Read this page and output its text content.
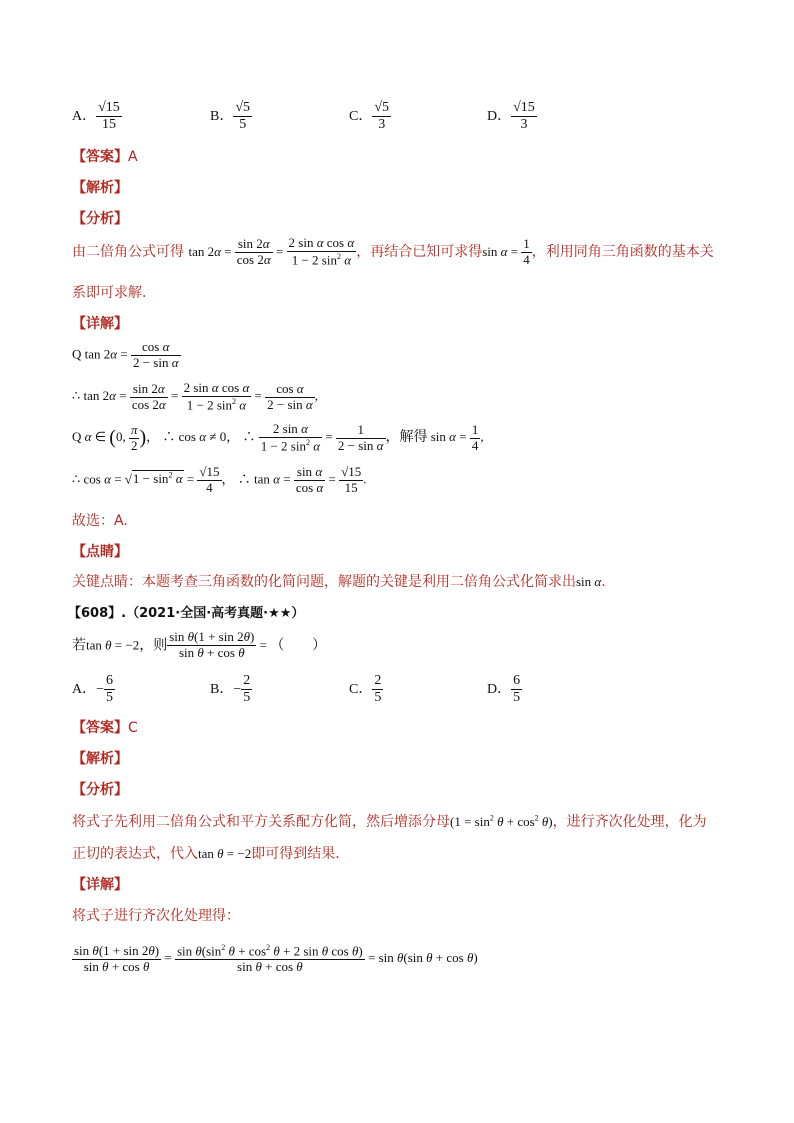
A． $\frac{√15}{15}$	B． $\frac{√5}{5}$	C． $\frac{√5}{3}$	D． $\frac{√15}{3}$
【答案】A
【解析】
【分析】
由二倍角公式可得 $\tan 2\alpha = \frac{\sin 2\alpha}{\cos 2\alpha} = \frac{\text{2 sin α cos α}}{1 - 2 \sin^2 \alpha}$ ，再结合已知可求得$\sin \alpha = \frac{1}{4}$ ，利用同角三角函数的基本关
系即可求解.
【详解】
Q $\tan 2\alpha = \frac{\text{cos α}}{\text{2 − sin α}}$
∴ $\tan 2\alpha = \frac{\sin 2\alpha}{\cos 2\alpha} = \frac{\text{2 sin α cos α}}{1 - 2 \sin^2 \alpha} = \frac{\text{cos α}}{\text{2 − sin α}}$ ,
Q α ∈ (0, $\frac{\pi}{2}$ )， ∴ cos α ≠ 0， ∴ $\frac{\text{2 sin α}}{1 - 2 \sin^2 \alpha} = \frac{1}{\text{2 − sin α}}$ ，解得 $\sin \alpha = \frac{1}{4}$ ,
∴ $\cos \alpha = √1 - \sin^2 \alpha = \frac{√15}{4}$ ， ∴ $\tan \alpha = \frac{\text{sin α}}{\text{cos α}} = \frac{√15}{15}$ .
故选：A.
【点睛】
关键点睛：本题考查三角函数的化简问题，解题的关键是利用二倍角公式化简求出sin α.
【608】.（2021·全国·高考真题·★★）
若tan θ = −2，则 $\frac{\text{sin θ(1 + sin 2θ)}}{\text{sin θ + cos θ}}$ = （　　）
A．− $\frac{6}{5}$	B．− $\frac{2}{5}$	C． $\frac{2}{5}$	D． $\frac{6}{5}$
【答案】C
【解析】
【分析】
将式子先利用二倍角公式和平方关系配方化简，然后增添分母$(1 = \sin^2 \theta + \cos^2 \theta)$，进行齐次化处理，化为
正切的表达式，代入tan θ = −2即可得到结果.
【详解】
将式子进行齐次化处理得：
$\frac{\text{sin θ(1 + sin 2θ)}}{\text{sin θ + cos θ}} = \frac{\sin \theta(\sin^2 \theta + \cos^2 \theta + 2 \sin \theta \cos \theta)}{\text{sin θ + cos θ}} = \sin \theta(\sin$ θ + cos θ)
